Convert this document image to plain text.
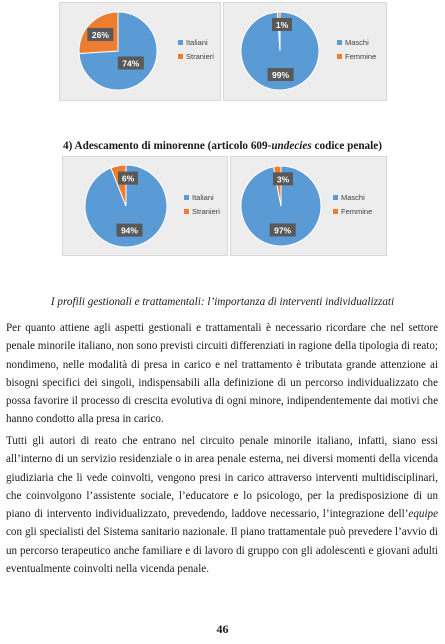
26%
74%
Italiani
Stranieri
1%
99%
Maschi
Femmine
4) Adescamento di minorenne (articolo 609-undecies codice penale)
6%
94%
Italiani
Stranieri
3%
97%
Maschi
Femmine
I profili gestionali e trattamentali: l’importanza di interventi individualizzati

Per quanto attiene agli aspetti gestionali e trattamentali è necessario ricordare che nel settore penale minorile italiano, non sono previsti circuiti differenziati in ragione della tipologia di reato; nondimeno, nelle modalità di presa in carico e nel trattamento è tributata grande attenzione ai bisogni specifici dei singoli, indispensabili alla definizione di un percorso individualizzato che possa favorire il processo di crescita evolutiva di ogni minore, indipendentemente dai motivi che hanno condotto alla presa in carico.

Tutti gli autori di reato che entrano nel circuito penale minorile italiano, infatti, siano essi all’interno di un servizio residenziale o in area penale esterna, nei diversi momenti della vicenda giudiziaria che li vede coinvolti, vengono presi in carico attraverso interventi multidisciplinari, che coinvolgono l’assistente sociale, l’educatore e lo psicologo, per la predisposizione di un piano di intervento individualizzato, prevedendo, laddove necessario, l’integrazione dell’equipe con gli specialisti del Sistema sanitario nazionale. Il piano trattamentale può prevedere l’avvio di un percorso terapeutico anche familiare e di lavoro di gruppo con gli adolescenti e giovani adulti eventualmente coinvolti nella vicenda penale.

46
